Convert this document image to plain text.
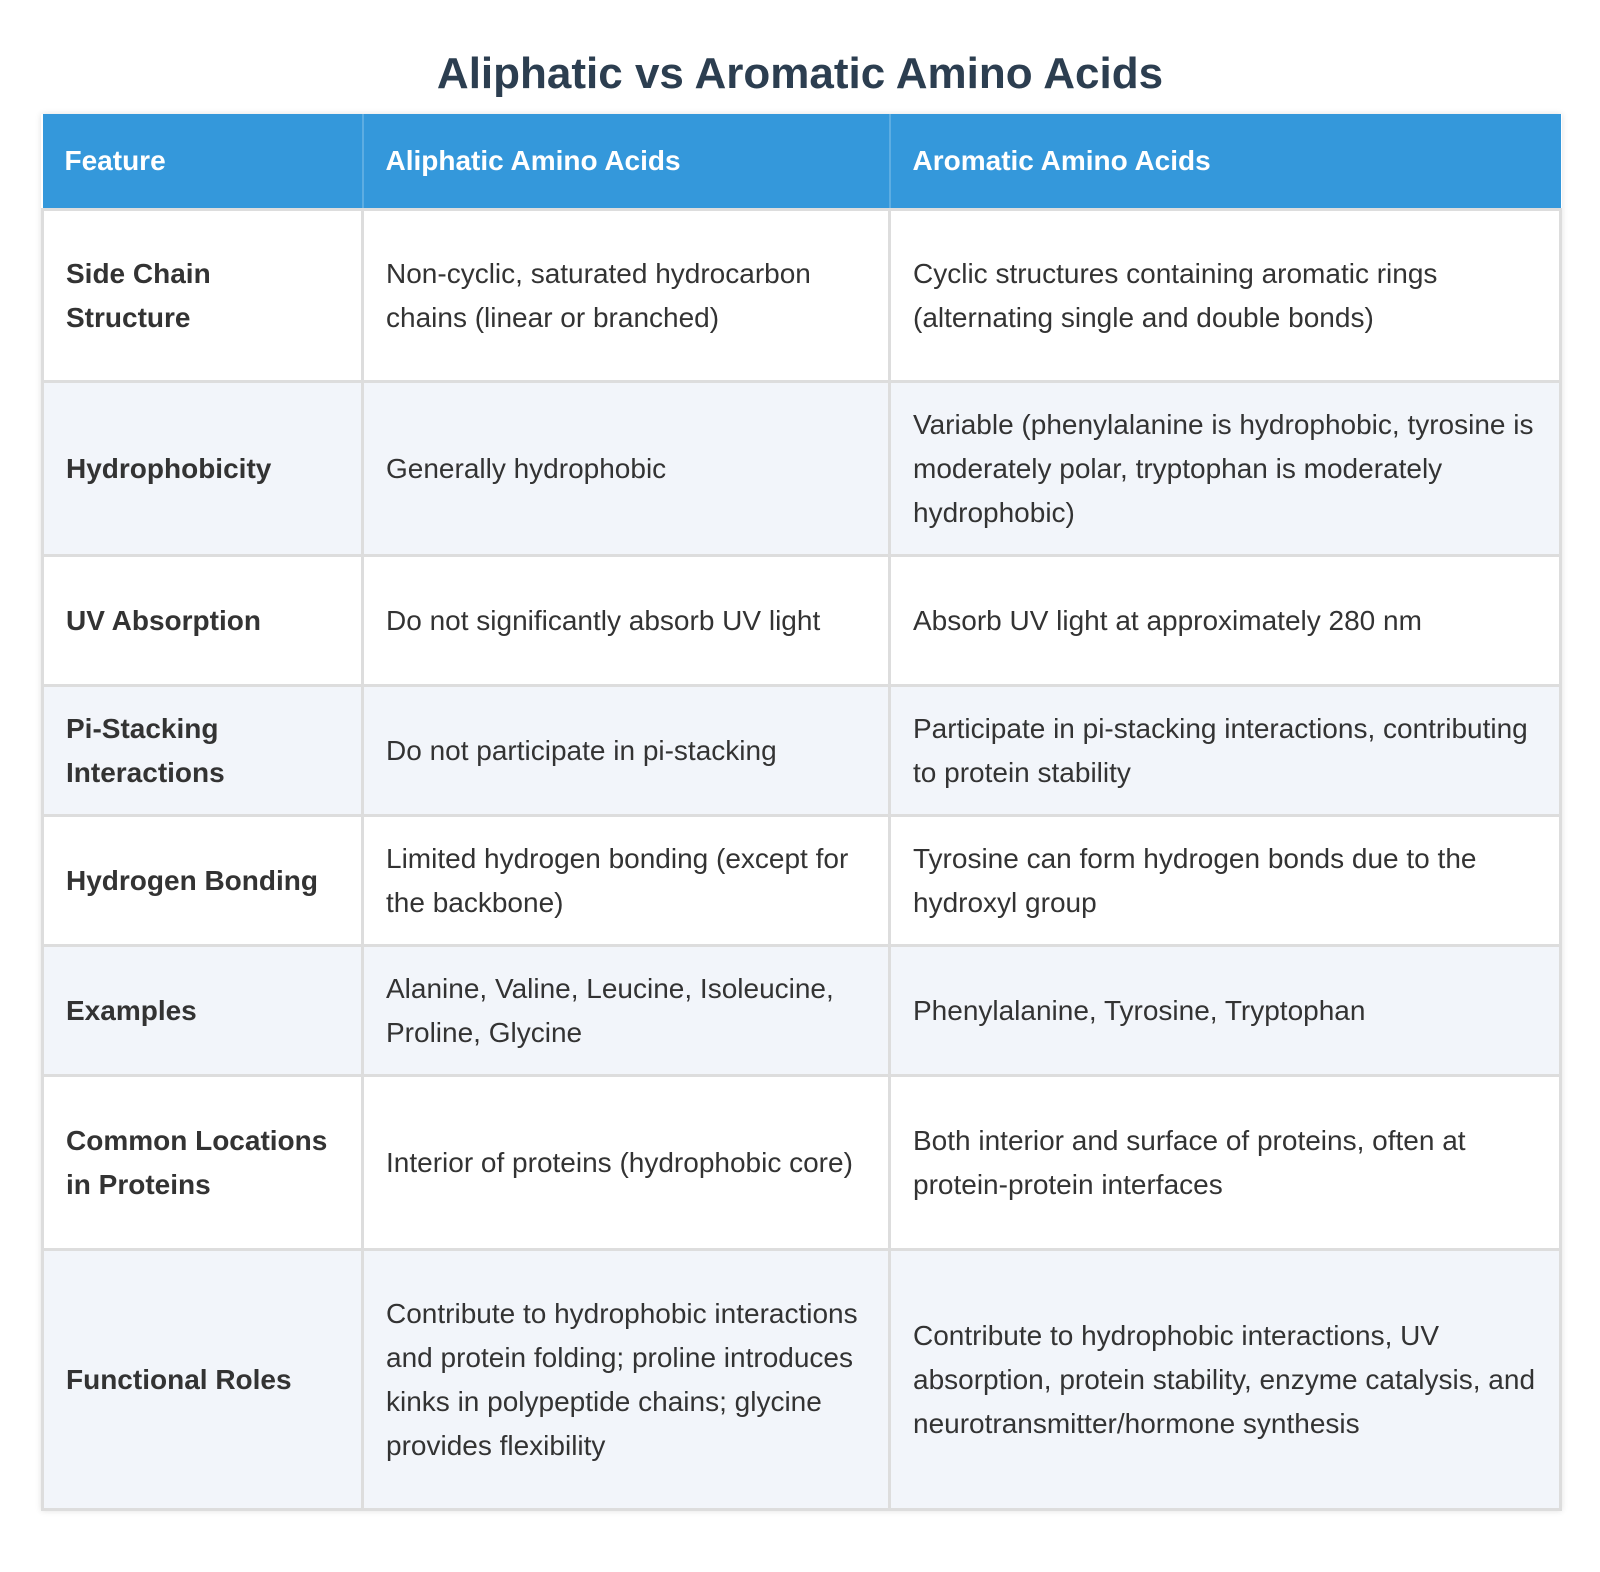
Aliphatic vs Aromatic Amino Acids
Feature	Aliphatic Amino Acids	Aromatic Amino Acids
Side Chain Structure	Non-cyclic, saturated hydrocarbon chains (linear or branched)	Cyclic structures containing aromatic rings (alternating single and double bonds)
Hydrophobicity	Generally hydrophobic	Variable (phenylalanine is hydrophobic, tyrosine is moderately polar, tryptophan is moderately hydrophobic)
UV Absorption	Do not significantly absorb UV light	Absorb UV light at approximately 280 nm
Pi-Stacking Interactions	Do not participate in pi-stacking	Participate in pi-stacking interactions, contributing to protein stability
Hydrogen Bonding	Limited hydrogen bonding (except for the backbone)	Tyrosine can form hydrogen bonds due to the hydroxyl group
Examples	Alanine, Valine, Leucine, Isoleucine, Proline, Glycine	Phenylalanine, Tyrosine, Tryptophan
Common Locations in Proteins	Interior of proteins (hydrophobic core)	Both interior and surface of proteins, often at protein-protein interfaces
Functional Roles	Contribute to hydrophobic interactions and protein folding; proline introduces kinks in polypeptide chains; glycine provides flexibility	Contribute to hydrophobic interactions, UV absorption, protein stability, enzyme catalysis, and neurotransmitter/hormone synthesis
